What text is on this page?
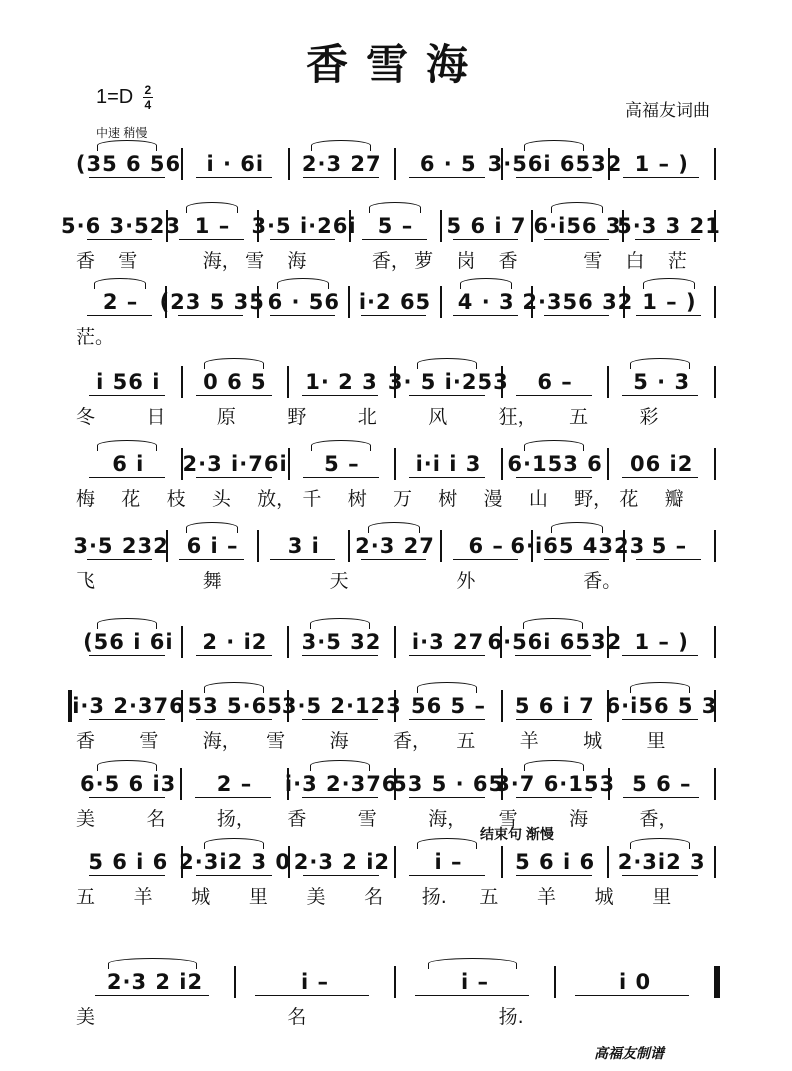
香雪海
$1=D \frac{2}{4}$	高福友词曲
中速 稍慢
高福友制谱
(35 6 56 i · 6i 2·3 27 6 · 5 3·56i 6532 1 – )
5·6 3·523 1 – 3·5 i·26i 5 – 5 6 i 7 6·i56 3
5·3 3 21
香	雪	海， 雪	海	香， 萝	岗	香	雪	白	茫
2 – (23 5 35 6 · 56 i·2 65 4 · 3 2·356 32 1 – )
茫。
i 56 i 0 6 5 1· 2 3 3· 5 i·253 6 –	5 · 3
冬	日	原	野	北	风	狂，	五	彩
6 i 2·3 i·76i 5 –	i·i i 3 6·153 6 06 i2
梅	花	枝	头	放， 千	树	万	树	漫	山	野， 花	瓣
3·5 232 6 i – 3 i 2·3 27 6 – 6·i65 4323 5 –
飞	舞	天	外	香。
(56 i 6i 2 · i2 3·5 32 i·3 27 6·56i 6532 1 – )
i·3 2·376 53 5·65 3·5 2·123 56 5 – 5 6 i 7 6·i56 5 3
香	雪	海，	雪	海	香，	五	羊	城	里
6·5 6 i3 2 – i·3 2·376
53 5 · 65
3·7 6·153 5 6 –
美	名	扬，	香	雪	海，	雪	海	香，
5 6 i 6 2·3i2 3 0 2·3 2 i2 i –	5 6 i 6 2·3i2 3
结束句 渐慢
五	羊	城	里	美	名	扬.	五	羊	城	里
2·3 2 i2	i –	i –	i 0
美	名	扬.
